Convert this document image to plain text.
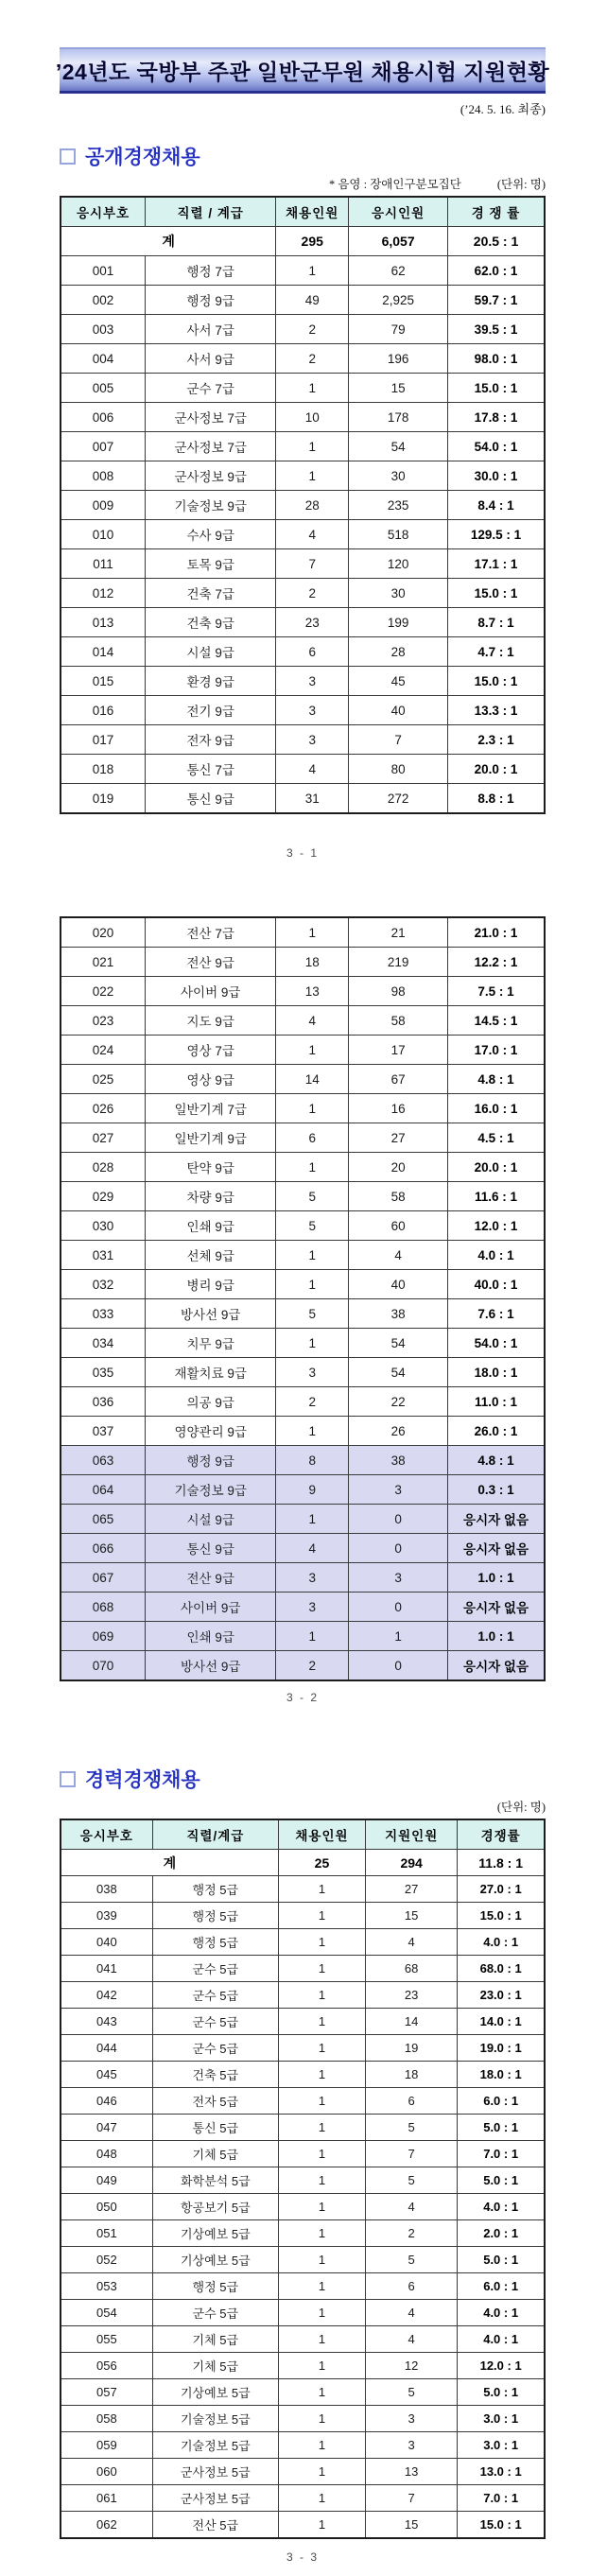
’24년도 국방부 주관 일반군무원 채용시험 지원현황
(’24. 5. 16. 최종)
공개경쟁채용
* 음영 : 장애인구분모집단	(단위: 명)
응시부호	직렬 / 계급	채용인원	응시인원	경 쟁 률
계		295	6,057	20.5 : 1
001	행정 7급	1	62	62.0 : 1
002	행정 9급	49	2,925	59.7 : 1
003	사서 7급	2	79	39.5 : 1
004	사서 9급	2	196	98.0 : 1
005	군수 7급	1	15	15.0 : 1
006	군사정보 7급	10	178	17.8 : 1
007	군사정보 7급	1	54	54.0 : 1
008	군사정보 9급	1	30	30.0 : 1
009	기술정보 9급	28	235	8.4 : 1
010	수사 9급	4	518	129.5 : 1
011	토목 9급	7	120	17.1 : 1
012	건축 7급	2	30	15.0 : 1
013	건축 9급	23	199	8.7 : 1
014	시설 9급	6	28	4.7 : 1
015	환경 9급	3	45	15.0 : 1
016	전기 9급	3	40	13.3 : 1
017	전자 9급	3	7	2.3 : 1
018	통신 7급	4	80	20.0 : 1
019	통신 9급	31	272	8.8 : 1
3 - 1
020	전산 7급	1	21	21.0 : 1
021	전산 9급	18	219	12.2 : 1
022	사이버 9급	13	98	7.5 : 1
023	지도 9급	4	58	14.5 : 1
024	영상 7급	1	17	17.0 : 1
025	영상 9급	14	67	4.8 : 1
026	일반기계 7급	1	16	16.0 : 1
027	일반기계 9급	6	27	4.5 : 1
028	탄약 9급	1	20	20.0 : 1
029	차량 9급	5	58	11.6 : 1
030	인쇄 9급	5	60	12.0 : 1
031	선체 9급	1	4	4.0 : 1
032	병리 9급	1	40	40.0 : 1
033	방사선 9급	5	38	7.6 : 1
034	치무 9급	1	54	54.0 : 1
035	재활치료 9급	3	54	18.0 : 1
036	의공 9급	2	22	11.0 : 1
037	영양관리 9급	1	26	26.0 : 1
063	행정 9급	8	38	4.8 : 1
064	기술정보 9급	9	3	0.3 : 1
065	시설 9급	1	0	응시자 없음
066	통신 9급	4	0	응시자 없음
067	전산 9급	3	3	1.0 : 1
068	사이버 9급	3	0	응시자 없음
069	인쇄 9급	1	1	1.0 : 1
070	방사선 9급	2	0	응시자 없음
3 - 2
경력경쟁채용
(단위: 명)
응시부호	직렬/계급	채용인원	지원인원	경쟁률
계		25	294	11.8 : 1
038	행정 5급	1	27	27.0 : 1
039	행정 5급	1	15	15.0 : 1
040	행정 5급	1	4	4.0 : 1
041	군수 5급	1	68	68.0 : 1
042	군수 5급	1	23	23.0 : 1
043	군수 5급	1	14	14.0 : 1
044	군수 5급	1	19	19.0 : 1
045	건축 5급	1	18	18.0 : 1
046	전자 5급	1	6	6.0 : 1
047	통신 5급	1	5	5.0 : 1
048	기체 5급	1	7	7.0 : 1
049	화학분석 5급	1	5	5.0 : 1
050	항공보기 5급	1	4	4.0 : 1
051	기상예보 5급	1	2	2.0 : 1
052	기상예보 5급	1	5	5.0 : 1
053	행정 5급	1	6	6.0 : 1
054	군수 5급	1	4	4.0 : 1
055	기체 5급	1	4	4.0 : 1
056	기체 5급	1	12	12.0 : 1
057	기상예보 5급	1	5	5.0 : 1
058	기술정보 5급	1	3	3.0 : 1
059	기술정보 5급	1	3	3.0 : 1
060	군사정보 5급	1	13	13.0 : 1
061	군사정보 5급	1	7	7.0 : 1
062	전산 5급	1	15	15.0 : 1
3 - 3
